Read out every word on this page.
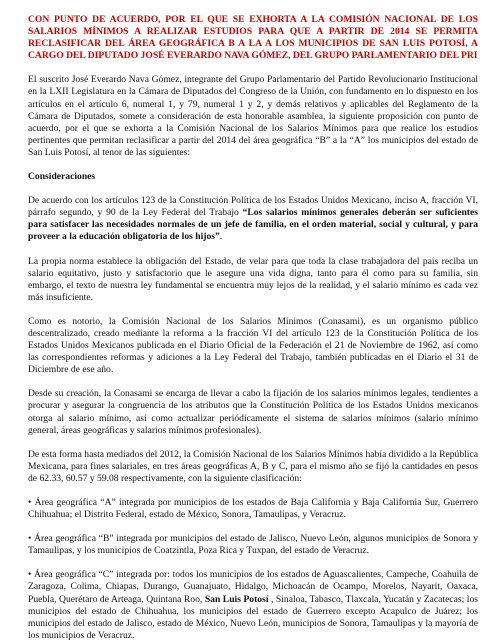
CON PUNTO DE ACUERDO, POR EL QUE SE EXHORTA A LA COMISIÓN NACIONAL DE LOS SALARIOS MÍNIMOS A REALIZAR ESTUDIOS PARA QUE A PARTIR DE 2014 SE PERMITA RECLASIFICAR DEL ÁREA GEOGRÁFICA B A LA A LOS MUNICIPIOS DE SAN LUIS POTOSÍ, A CARGO DEL DIPUTADO JOSÉ EVERARDO NAVA GÓMEZ, DEL GRUPO PARLAMENTARIO DEL PRI

El suscrito José Everardo Nava Gómez, integrante del Grupo Parlamentario del Partido Revolucionario Institucional en la LXII Legislatura en la Cámara de Diputados del Congreso de la Unión, con fundamento en lo dispuesto en los artículos en el artículo 6, numeral 1, y 79, numeral 1 y 2, y demás relativos y aplicables del Reglamento de la Cámara de Diputados, somete a consideración de esta honorable asamblea, la siguiente proposición con punto de acuerdo, por el que se exhorta a la Comisión Nacional de los Salarios Mínimos para que realice los estudios pertinentes que permitan reclasificar a partir del 2014 del área geográfica “B” a la “A” los municipios del estado de San Luis Potosí, al tenor de las siguientes:

Consideraciones

De acuerdo con los artículos 123 de la Constitución Política de los Estados Unidos Mexicano, inciso A, fracción VI, párrafo segundo, y 90 de la Ley Federal del Trabajo “Los salarios mínimos generales deberán ser suficientes para satisfacer las necesidades normales de un jefe de familia, en el orden material, social y cultural, y para proveer a la educación obligatoria de los hijos”.

La propia norma establece la obligación del Estado, de velar para que toda la clase trabajadora del país reciba un salario equitativo, justo y satisfactorio que le asegure una vida digna, tanto para él como para su familia, sin embargo, el texto de nuestra ley fundamental se encuentra muy lejos de la realidad, y el salario mínimo es cada vez más insuficiente.

Como es notorio, la Comisión Nacional de los Salarios Mínimos (Conasami), es un organismo público descentralizado, creado mediante la reforma a la fracción VI del artículo 123 de la Constitución Política de los Estados Unidos Mexicanos publicada en el Diario Oficial de la Federación el 21 de Noviembre de 1962, así como las correspondientes reformas y adiciones a la Ley Federal del Trabajo, también publicadas en el Diario el 31 de Diciembre de ese año.

Desde su creación, la Conasami se encarga de llevar a cabo la fijación de los salarios mínimos legales, tendientes a procurar y asegurar la congruencia de los atributos que la Constitución Política de los Estados Unidos mexicanos otorga al salario mínimo, así como actualizar periódicamente el sistema de salarios mínimos (salario mínimo general, áreas geográficas y salarios mínimos profesionales).

De esta forma hasta mediados del 2012, la Comisión Nacional de los Salarios Mínimos había dividido a la República Mexicana, para fines salariales, en tres áreas geográficas A, B y C, para el mismo año se fijó la cantidades en pesos de 62.33, 60.57 y 59.08 respectivamente, con la siguiente clasificación:

• Área geográfica “A” integrada por municipios de los estados de Baja California y Baja California Sur, Guerrero Chihuahua; el Distrito Federal, estado de México, Sonora, Tamaulipas, y Veracruz.

• Área geográfica “B” integrada por municipios del estado de Jalisco, Nuevo León, algunos municipios de Sonora y Tamaulipas, y los municipios de Coatzintla, Poza Rica y Tuxpan, del estado de Veracruz.

• Área geográfica “C” integrada por: todos los municipios de los estados de Aguascalientes, Campeche, Coahuila de Zaragoza, Colima, Chiapas, Durango, Guanajuato, Hidalgo, Michoacán de Ocampo, Morelos, Nayarit, Oaxaca, Puebla, Querétaro de Arteaga, Quintana Roo, San Luis Potosí , Sinaloa, Tabasco, Tlaxcala, Yucatán y Zacatecas; los municipios del estado de Chihuahua, los municipios del estado de Guerrero excepto Acapulco de Juárez; los municipios del estado de Jalisco, estado de México, Nuevo León, municipios de Sonora, Tamaulipas y la mayoría de los municipios de Veracruz.
